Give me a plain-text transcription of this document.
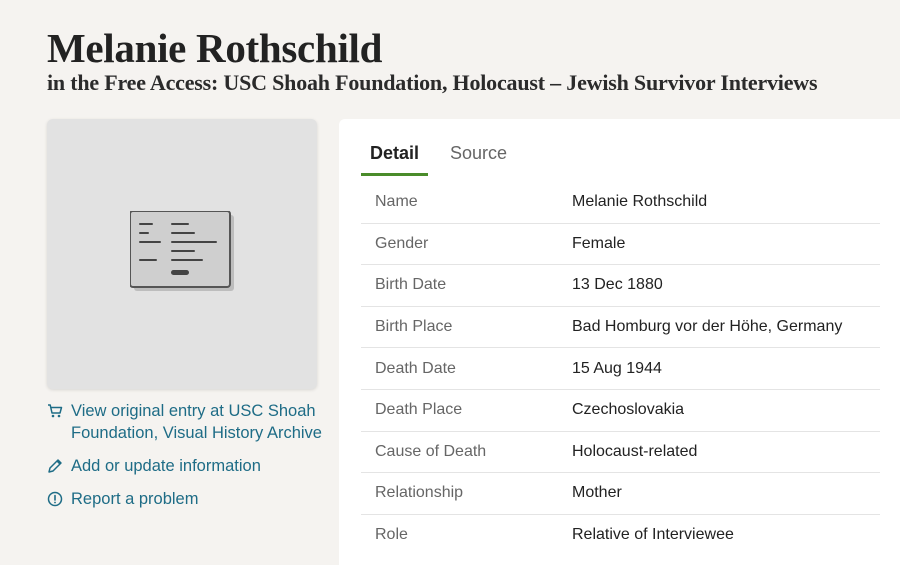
Melanie Rothschild
in the Free Access: USC Shoah Foundation, Holocaust – Jewish Survivor Interviews
View original entry at USC Shoah Foundation, Visual History Archive
Add or update information
Report a problem
Detail	Source
Name	Melanie Rothschild
Gender	Female
Birth Date	13 Dec 1880
Birth Place	Bad Homburg vor der Höhe, Germany
Death Date	15 Aug 1944
Death Place	Czechoslovakia
Cause of Death	Holocaust-related
Relationship	Mother
Role	Relative of Interviewee
